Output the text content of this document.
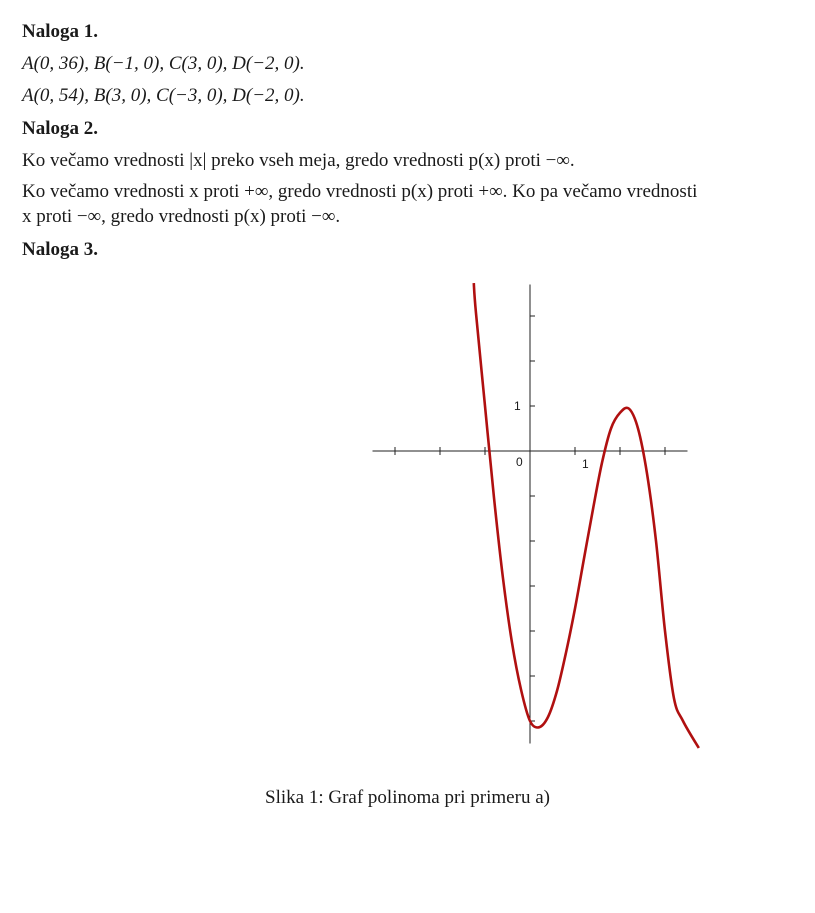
Naloga 1.
A(0, 36), B(−1, 0), C(3, 0), D(−2, 0).
A(0, 54), B(3, 0), C(−3, 0), D(−2, 0).
Naloga 2.
Ko večamo vrednosti |x| preko vseh meja, gredo vrednosti p(x) proti −∞.
Ko večamo vrednosti x proti +∞, gredo vrednosti p(x) proti +∞. Ko pa večamo vrednosti
x proti −∞, gredo vrednosti p(x) proti −∞.
Naloga 3.
1
1
0
Slika 1: Graf polinoma pri primeru a)
